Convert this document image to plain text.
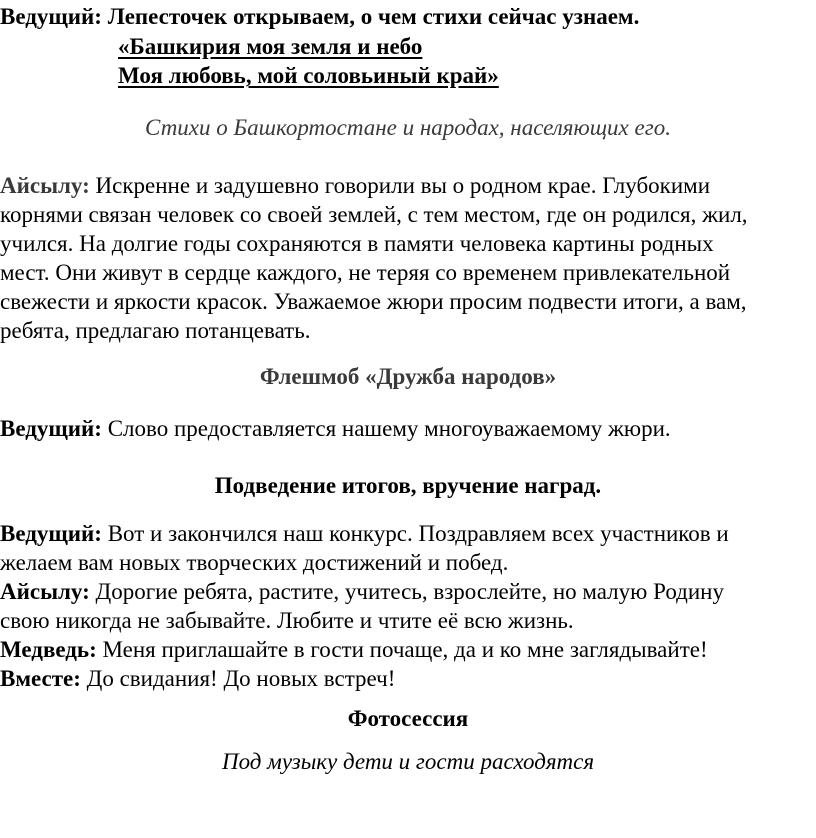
Ведущий: Лепесточек открываем, о чем стихи сейчас узнаем.
«Башкирия моя земля и небо
Моя любовь, мой соловьиный край»
Стихи о Башкортостане и народах, населяющих его.
Айсылу: Искренне и задушевно говорили вы о родном крае. Глубокими
корнями связан человек со своей землей, с тем местом, где он родился, жил,
учился. На долгие годы сохраняются в памяти человека картины родных
мест. Они живут в сердце каждого, не теряя со временем привлекательной
свежести и яркости красок. Уважаемое жюри просим подвести итоги, а вам,
ребята, предлагаю потанцевать.
Флешмоб «Дружба народов»
Ведущий: Слово предоставляется нашему многоуважаемому жюри.
Подведение итогов, вручение наград.
Ведущий: Вот и закончился наш конкурс. Поздравляем всех участников и
желаем вам новых творческих достижений и побед.
Айсылу: Дорогие ребята, растите, учитесь, взрослейте, но малую Родину
свою никогда не забывайте. Любите и чтите её всю жизнь.
Медведь: Меня приглашайте в гости почаще, да и ко мне заглядывайте!
Вместе: До свидания! До новых встреч!
Фотосессия
Под музыку дети и гости расходятся
